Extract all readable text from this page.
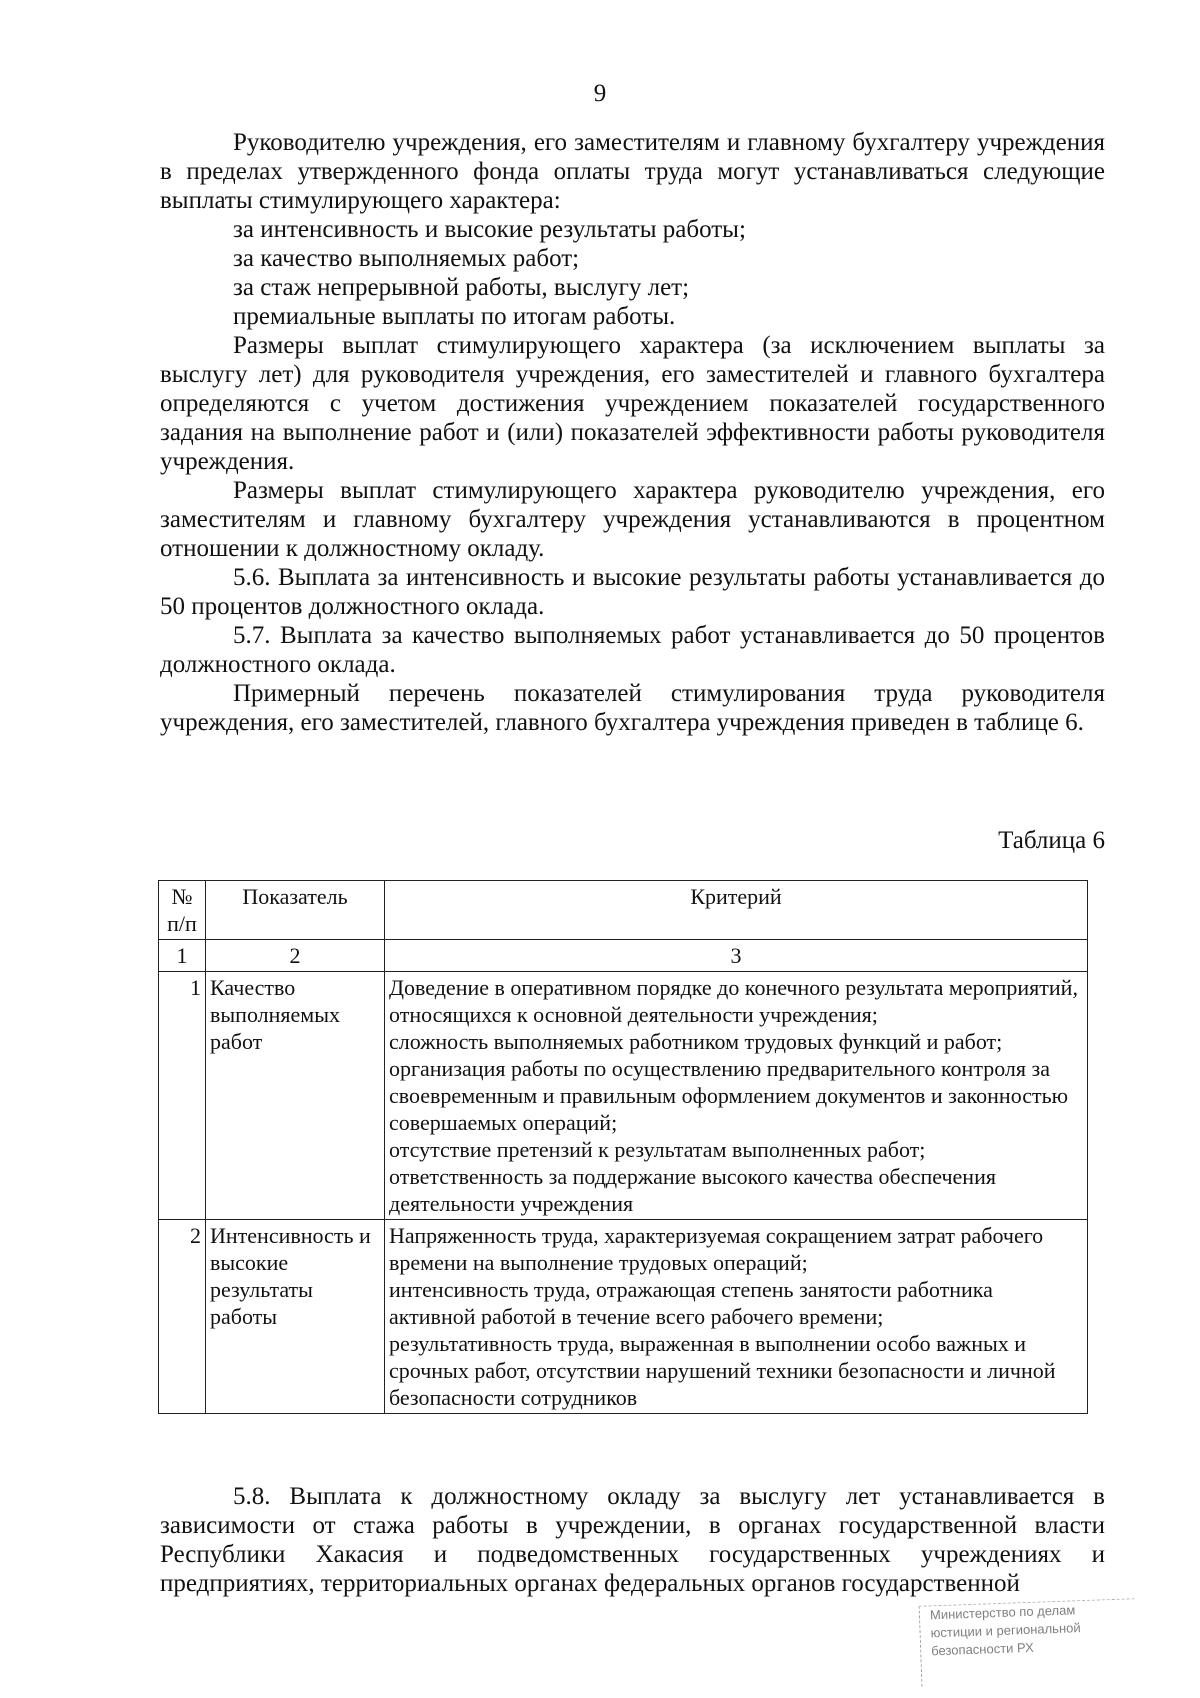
9

Руководителю учреждения, его заместителям и главному бухгалтеру учреждения в пределах утвержденного фонда оплаты труда могут устанавливаться следующие выплаты стимулирующего характера:

за интенсивность и высокие результаты работы;
за качество выполняемых работ;
за стаж непрерывной работы, выслугу лет;
премиальные выплаты по итогам работы.

Размеры выплат стимулирующего характера (за исключением выплаты за выслугу лет) для руководителя учреждения, его заместителей и главного бухгалтера определяются с учетом достижения учреждением показателей государственного задания на выполнение работ и (или) показателей эффективности работы руководителя учреждения.

Размеры выплат стимулирующего характера руководителю учреждения, его заместителям и главному бухгалтеру учреждения устанавливаются в процентном отношении к должностному окладу.

5.6. Выплата за интенсивность и высокие результаты работы устанавливается до 50 процентов должностного оклада.

5.7. Выплата за качество выполняемых работ устанавливается до 50 процентов должностного оклада.

Примерный перечень показателей стимулирования труда руководителя учреждения, его заместителей, главного бухгалтера учреждения приведен в таблице 6.

Таблица 6
№ п/п	Показатель	Критерий
1	2	3
1	Качество выполняемых работ	Доведение в оперативном порядке до конечного результата мероприятий, относящихся к основной деятельности учреждения;
сложность выполняемых работником трудовых функций и работ;
организация работы по осуществлению предварительного контроля за своевременным и правильным оформлением документов и законностью совершаемых операций;
отсутствие претензий к результатам выполненных работ;
ответственность за поддержание высокого качества обеспечения деятельности учреждения

2	Интенсивность и высокие результаты работы	Напряженность труда, характеризуемая сокращением затрат рабочего времени на выполнение трудовых операций;
интенсивность труда, отражающая степень занятости работника активной работой в течение всего рабочего времени;
результативность труда, выраженная в выполнении особо важных и срочных работ, отсутствии нарушений техники безопасности и личной безопасности сотрудников

5.8. Выплата к должностному окладу за выслугу лет устанавливается в зависимости от стажа работы в учреждении, в органах государственной власти Республики Хакасия и подведомственных государственных учреждениях и предприятиях, территориальных органах федеральных органов государственной

Министерство по делам
юстиции и региональной
безопасности РХ
